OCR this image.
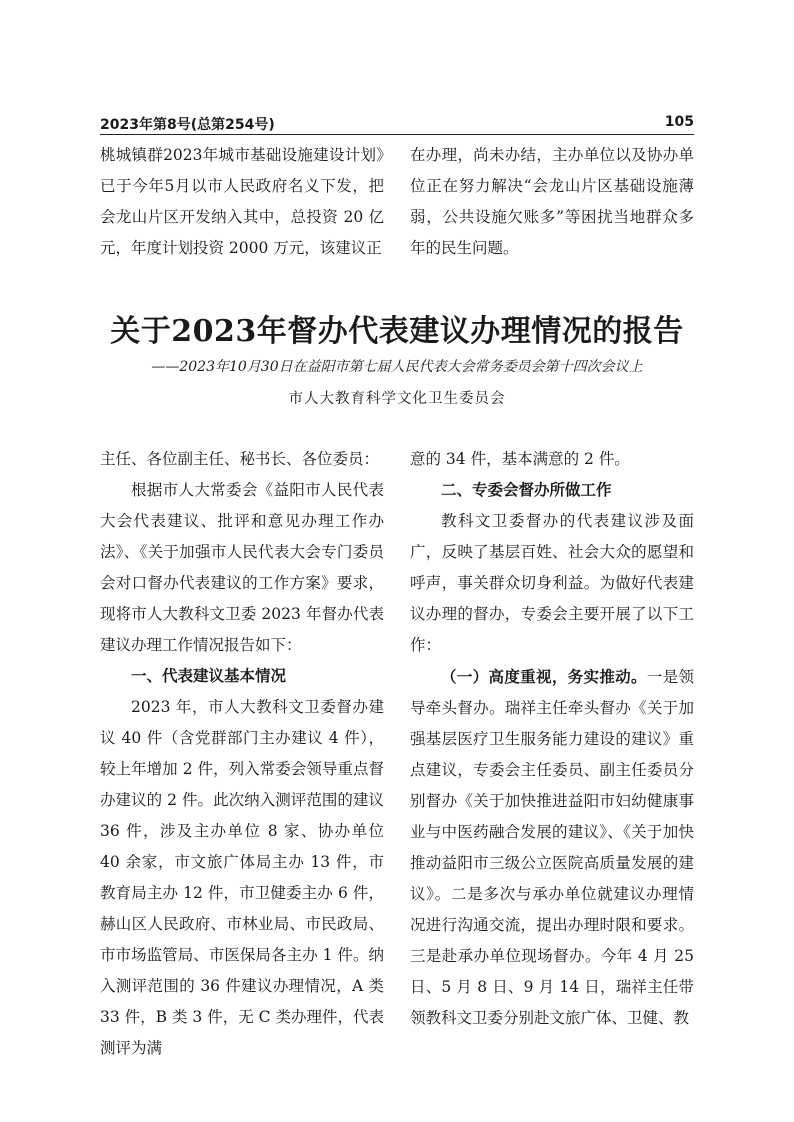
2023年第8号(总第254号)	105

桃城镇群2023年城市基础设施建设计划》已于今年5月以市人民政府名义下发，把会龙山片区开发纳入其中，总投资 20 亿元，年度计划投资 2000 万元，该建议正

在办理，尚未办结，主办单位以及协办单位正在努力解决“会龙山片区基础设施薄弱，公共设施欠账多”等困扰当地群众多年的民生问题。

关于2023年督办代表建议办理情况的报告
——2023年10月30日在益阳市第七届人民代表大会常务委员会第十四次会议上
市人大教育科学文化卫生委员会

主任、各位副主任、秘书长、各位委员：

根据市人大常委会《益阳市人民代表大会代表建议、批评和意见办理工作办法》、《关于加强市人民代表大会专门委员会对口督办代表建议的工作方案》要求，现将市人大教科文卫委 2023 年督办代表建议办理工作情况报告如下：

一、代表建议基本情况

2023 年，市人大教科文卫委督办建议 40 件（含党群部门主办建议 4 件），较上年增加 2 件，列入常委会领导重点督办建议的 2 件。此次纳入测评范围的建议 36 件，涉及主办单位 8 家、协办单位 40 余家，市文旅广体局主办 13 件，市教育局主办 12 件，市卫健委主办 6 件，赫山区人民政府、市林业局、市民政局、市市场监管局、市医保局各主办 1 件。纳入测评范围的 36 件建议办理情况，A 类 33 件，B 类 3 件，无 C 类办理件，代表测评为满

意的 34 件，基本满意的 2 件。

二、专委会督办所做工作

教科文卫委督办的代表建议涉及面广，反映了基层百姓、社会大众的愿望和呼声，事关群众切身利益。为做好代表建议办理的督办，专委会主要开展了以下工作：

（一）高度重视，务实推动。一是领导牵头督办。瑞祥主任牵头督办《关于加强基层医疗卫生服务能力建设的建议》重点建议，专委会主任委员、副主任委员分别督办《关于加快推进益阳市妇幼健康事业与中医药融合发展的建议》、《关于加快推动益阳市三级公立医院高质量发展的建议》。二是多次与承办单位就建议办理情况进行沟通交流，提出办理时限和要求。三是赴承办单位现场督办。今年 4 月 25 日、5 月 8 日、9 月 14 日，瑞祥主任带领教科文卫委分别赴文旅广体、卫健、教
